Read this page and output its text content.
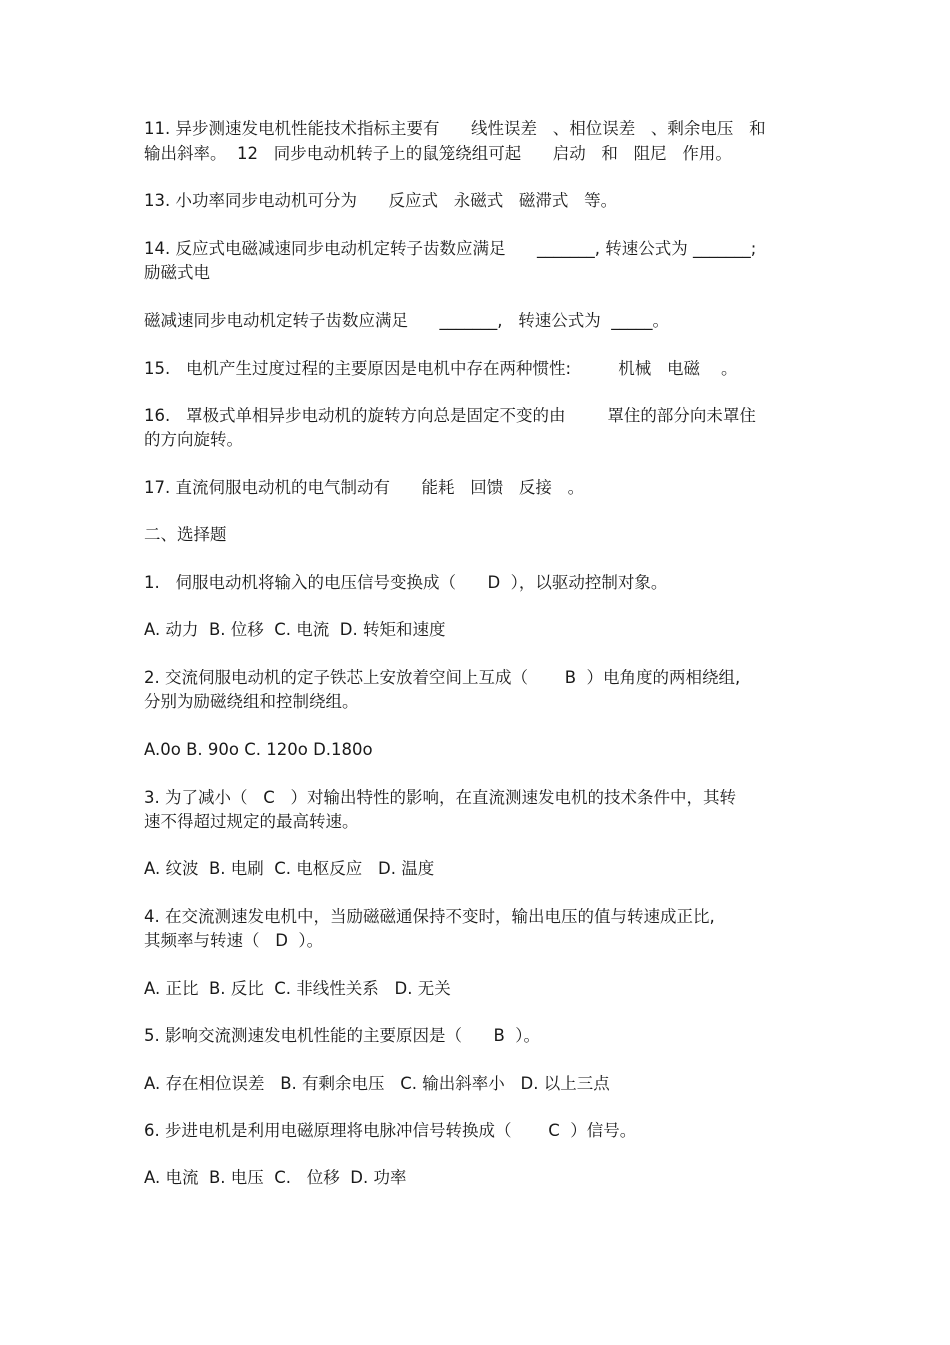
11. 异步测速发电机性能技术指标主要有      线性误差   、相位误差   、剩余电压   和
输出斜率。  12   同步电动机转子上的鼠笼绕组可起      启动   和   阻尼   作用。
13. 小功率同步电动机可分为      反应式   永磁式   磁滞式   等。
14. 反应式电磁减速同步电动机定转子齿数应满足      _______, 转速公式为 _______;
励磁式电
磁减速同步电动机定转子齿数应满足      _______,   转速公式为  _____。
15.   电机产生过度过程的主要原因是电机中存在两种惯性:         机械   电磁    。
16.   罩极式单相异步电动机的旋转方向总是固定不变的由        罩住的部分向未罩住
的方向旋转。
17. 直流伺服电动机的电气制动有      能耗   回馈   反接   。
二、选择题
1.   伺服电动机将输入的电压信号变换成（      D  ），以驱动控制对象。
A. 动力  B. 位移  C. 电流  D. 转矩和速度
2. 交流伺服电动机的定子铁芯上安放着空间上互成（       B  ）电角度的两相绕组,
分别为励磁绕组和控制绕组。
A.0o B. 90o C. 120o D.180o
3. 为了减小（   C   ）对输出特性的影响，在直流测速发电机的技术条件中，其转
速不得超过规定的最高转速。
A. 纹波  B. 电刷  C. 电枢反应   D. 温度
4. 在交流测速发电机中，当励磁磁通保持不变时，输出电压的值与转速成正比,
其频率与转速（   D  ）。
A. 正比  B. 反比  C. 非线性关系   D. 无关
5. 影响交流测速发电机性能的主要原因是（      B  ）。
A. 存在相位误差   B. 有剩余电压   C. 输出斜率小   D. 以上三点
6. 步进电机是利用电磁原理将电脉冲信号转换成（       C  ）信号。
A. 电流  B. 电压  C.   位移  D. 功率
